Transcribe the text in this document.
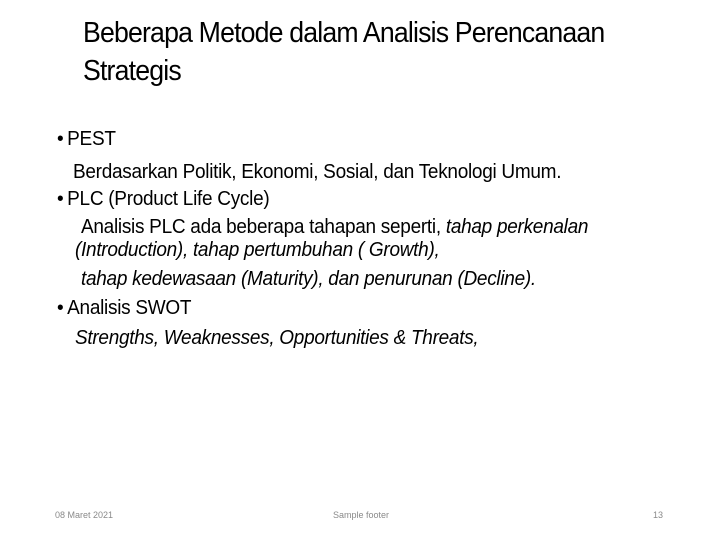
Beberapa Metode dalam Analisis Perencanaan
Strategis
• PEST
Berdasarkan Politik, Ekonomi, Sosial, dan Teknologi Umum.
• PLC (Product Life Cycle)
Analisis PLC ada beberapa tahapan seperti, tahap perkenalan
(Introduction), tahap pertumbuhan ( Growth),
tahap kedewasaan (Maturity), dan penurunan (Decline).
• Analisis SWOT
Strengths, Weaknesses, Opportunities & Threats,
08 Maret 2021	Sample footer	13
